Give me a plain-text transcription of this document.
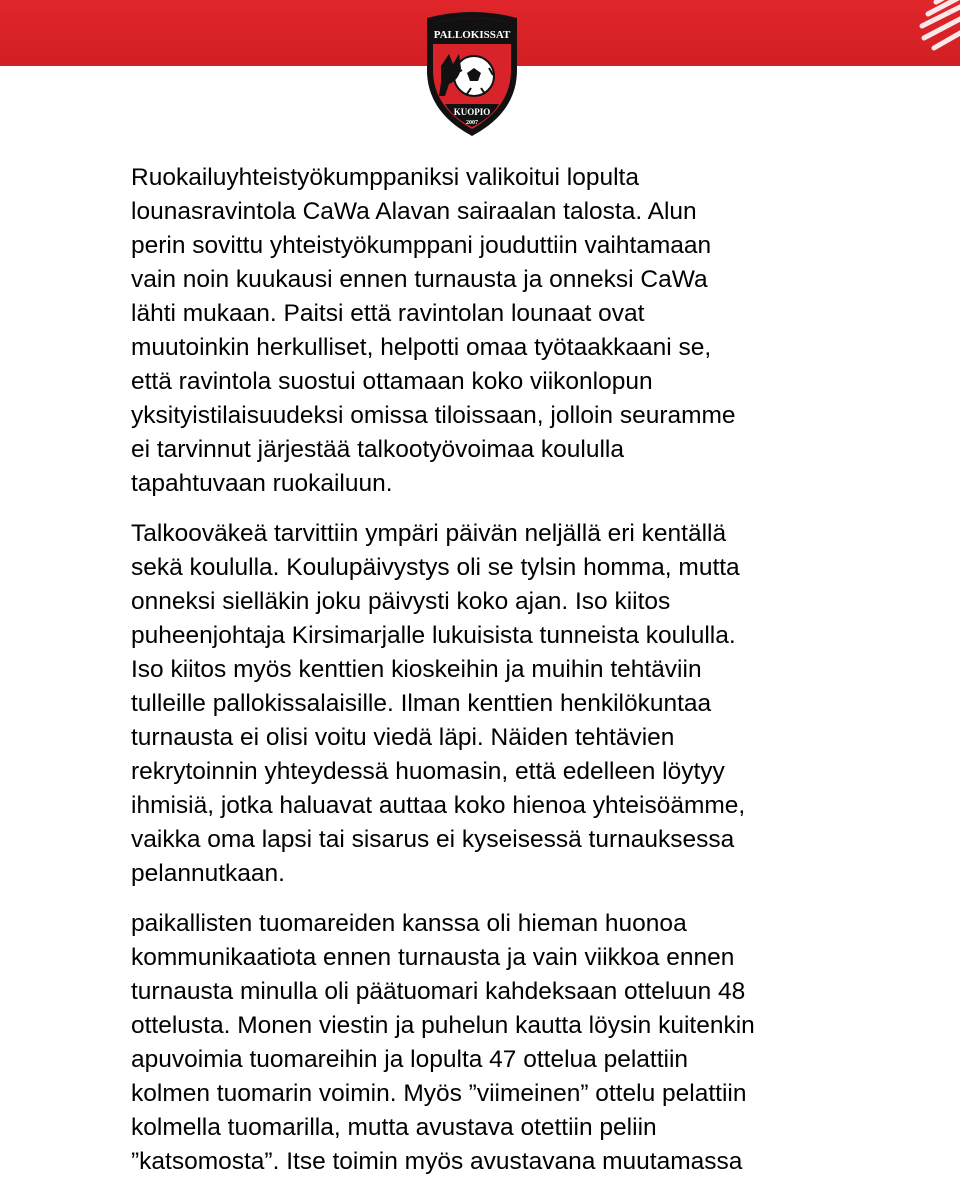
PALLOKISSAT
KUOPIO
2007

Ruokailuyhteistyökumppaniksi valikoitui lopulta
lounasravintola CaWa Alavan sairaalan talosta. Alun
perin sovittu yhteistyökumppani jouduttiin vaihtamaan
vain noin kuukausi ennen turnausta ja onneksi CaWa
lähti mukaan. Paitsi että ravintolan lounaat ovat
muutoinkin herkulliset, helpotti omaa työtaakkaani se,
että ravintola suostui ottamaan koko viikonlopun
yksityistilaisuudeksi omissa tiloissaan, jolloin seuramme
ei tarvinnut järjestää talkootyövoimaa koululla
tapahtuvaan ruokailuun.

Talkooväkeä tarvittiin ympäri päivän neljällä eri kentällä
sekä koululla. Koulupäivystys oli se tylsin homma, mutta
onneksi sielläkin joku päivysti koko ajan. Iso kiitos
puheenjohtaja Kirsimarjalle lukuisista tunneista koululla.
Iso kiitos myös kenttien kioskeihin ja muihin tehtäviin
tulleille pallokissalaisille. Ilman kenttien henkilökuntaa
turnausta ei olisi voitu viedä läpi. Näiden tehtävien
rekrytoinnin yhteydessä huomasin, että edelleen löytyy
ihmisiä, jotka haluavat auttaa koko hienoa yhteisöämme,
vaikka oma lapsi tai sisarus ei kyseisessä turnauksessa
pelannutkaan.

paikallisten tuomareiden kanssa oli hieman huonoa
kommunikaatiota ennen turnausta ja vain viikkoa ennen
turnausta minulla oli päätuomari kahdeksaan otteluun 48
ottelusta. Monen viestin ja puhelun kautta löysin kuitenkin
apuvoimia tuomareihin ja lopulta 47 ottelua pelattiin
kolmen tuomarin voimin. Myös ”viimeinen” ottelu pelattiin
kolmella tuomarilla, mutta avustava otettiin peliin
”katsomosta”. Itse toimin myös avustavana muutamassa
